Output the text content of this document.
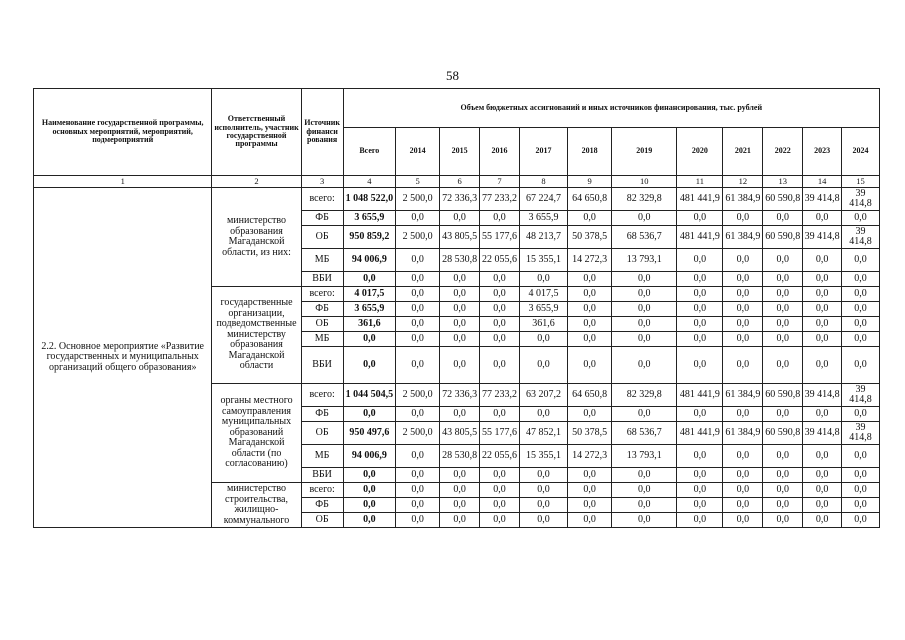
58
Наименование государственной программы, основных мероприятий, мероприятий, подмероприятий	Ответственный исполнитель, участник государственной программы	Источник финанси рования	Объем бюджетных ассигнований и иных источников финансирования, тыс. рублей											
			Всего	2014	2015	2016	2017	2018	2019	2020	2021	2022	2023	2024
1	2	3	4	5	6	7	8	9	10	11	12	13	14	15
2.2. Основное мероприятие «Развитие государственных и муниципальных организаций общего образования»	министерство образования Магаданской области, из них:	всего:	1 048 522,0	2 500,0	72 336,3	77 233,2	67 224,7	64 650,8	82 329,8	481 441,9	61 384,9	60 590,8	39 414,8	39 414,8
		ФБ	3 655,9	0,0	0,0	0,0	3 655,9	0,0	0,0	0,0	0,0	0,0	0,0	0,0
		ОБ	950 859,2	2 500,0	43 805,5	55 177,6	48 213,7	50 378,5	68 536,7	481 441,9	61 384,9	60 590,8	39 414,8	39 414,8
		МБ	94 006,9	0,0	28 530,8	22 055,6	15 355,1	14 272,3	13 793,1	0,0	0,0	0,0	0,0	0,0
		ВБИ	0,0	0,0	0,0	0,0	0,0	0,0	0,0	0,0	0,0	0,0	0,0	0,0
	государственные организации, подведомственные министерству образования Магаданской области	всего:	4 017,5	0,0	0,0	0,0	4 017,5	0,0	0,0	0,0	0,0	0,0	0,0	0,0
		ФБ	3 655,9	0,0	0,0	0,0	3 655,9	0,0	0,0	0,0	0,0	0,0	0,0	0,0
		ОБ	361,6	0,0	0,0	0,0	361,6	0,0	0,0	0,0	0,0	0,0	0,0	0,0
		МБ	0,0	0,0	0,0	0,0	0,0	0,0	0,0	0,0	0,0	0,0	0,0	0,0
		ВБИ	0,0	0,0	0,0	0,0	0,0	0,0	0,0	0,0	0,0	0,0	0,0	0,0
	органы местного самоуправления муниципальных образований Магаданской области (по согласованию)	всего:	1 044 504,5	2 500,0	72 336,3	77 233,2	63 207,2	64 650,8	82 329,8	481 441,9	61 384,9	60 590,8	39 414,8	39 414,8
		ФБ	0,0	0,0	0,0	0,0	0,0	0,0	0,0	0,0	0,0	0,0	0,0	0,0
		ОБ	950 497,6	2 500,0	43 805,5	55 177,6	47 852,1	50 378,5	68 536,7	481 441,9	61 384,9	60 590,8	39 414,8	39 414,8
		МБ	94 006,9	0,0	28 530,8	22 055,6	15 355,1	14 272,3	13 793,1	0,0	0,0	0,0	0,0	0,0
		ВБИ	0,0	0,0	0,0	0,0	0,0	0,0	0,0	0,0	0,0	0,0	0,0	0,0
	министерство строительства, жилищно-коммунального	всего:	0,0	0,0	0,0	0,0	0,0	0,0	0,0	0,0	0,0	0,0	0,0	0,0
		ФБ	0,0	0,0	0,0	0,0	0,0	0,0	0,0	0,0	0,0	0,0	0,0	0,0
		ОБ	0,0	0,0	0,0	0,0	0,0	0,0	0,0	0,0	0,0	0,0	0,0	0,0
